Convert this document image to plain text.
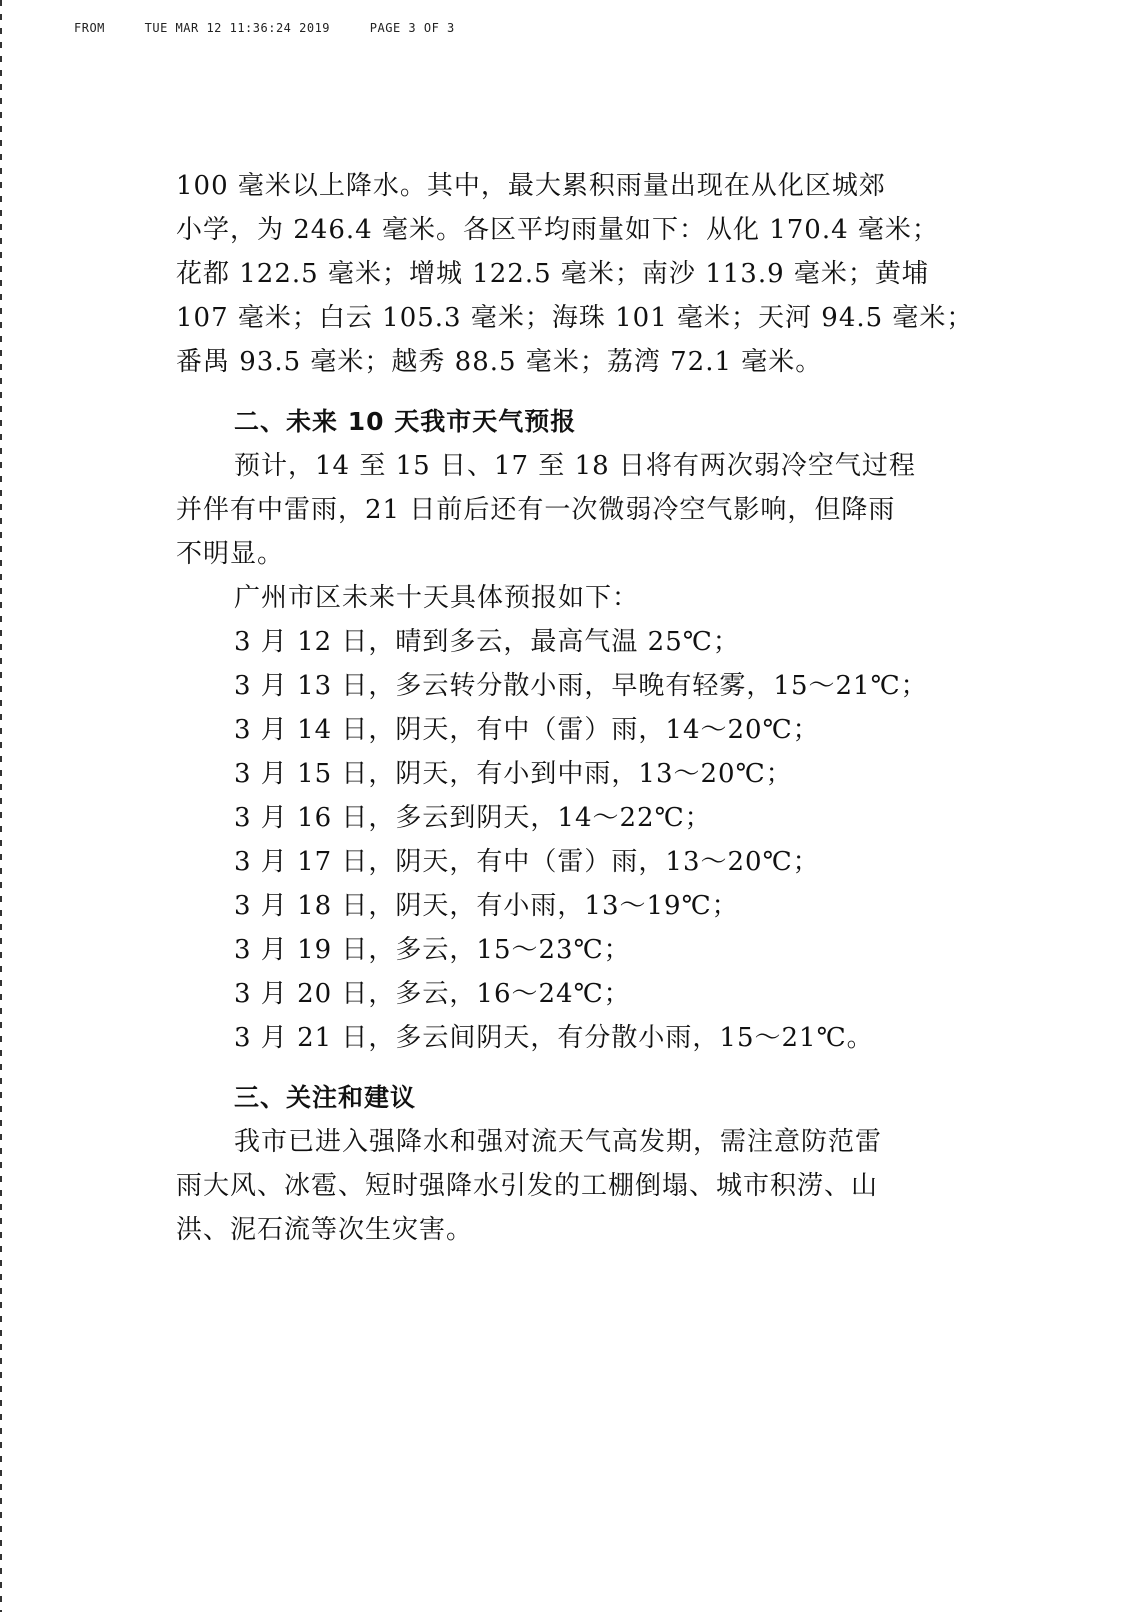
FROM	TUE MAR 12 11:36:24 2019	PAGE 3 OF 3

100 毫米以上降水。其中，最大累积雨量出现在从化区城郊

小学，为 246.4 毫米。各区平均雨量如下：从化 170.4 毫米；

花都 122.5 毫米；增城 122.5 毫米；南沙 113.9 毫米；黄埔

107 毫米；白云 105.3 毫米；海珠 101 毫米；天河 94.5 毫米；

番禺 93.5 毫米；越秀 88.5 毫米；荔湾 72.1 毫米。

二、未来 10 天我市天气预报

预计，14 至 15 日、17 至 18 日将有两次弱冷空气过程

并伴有中雷雨，21 日前后还有一次微弱冷空气影响，但降雨

不明显。

广州市区未来十天具体预报如下：

3 月 12 日，晴到多云，最高气温 25℃；
3 月 13 日，多云转分散小雨，早晚有轻雾，15～21℃；
3 月 14 日，阴天，有中（雷）雨，14～20℃；
3 月 15 日，阴天，有小到中雨，13～20℃；
3 月 16 日，多云到阴天，14～22℃；
3 月 17 日，阴天，有中（雷）雨，13～20℃；
3 月 18 日，阴天，有小雨，13～19℃；
3 月 19 日，多云，15～23℃；
3 月 20 日，多云，16～24℃；
3 月 21 日，多云间阴天，有分散小雨，15～21℃。
三、关注和建议

我市已进入强降水和强对流天气高发期，需注意防范雷

雨大风、冰雹、短时强降水引发的工棚倒塌、城市积涝、山

洪、泥石流等次生灾害。
